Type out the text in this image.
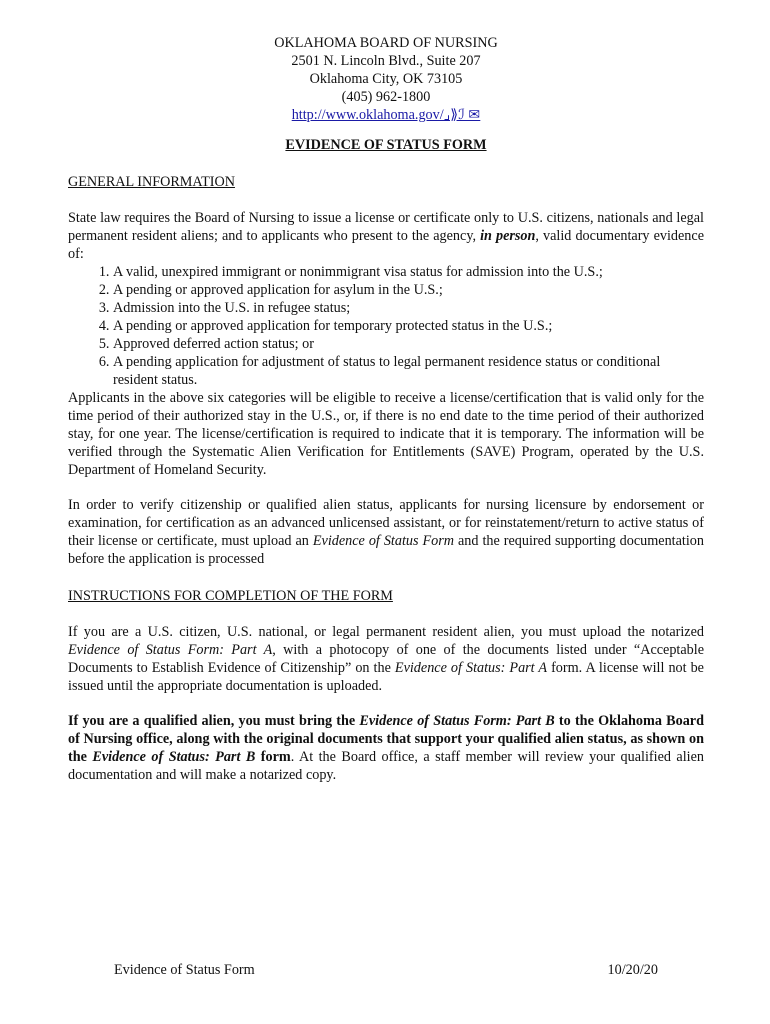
OKLAHOMA BOARD OF NURSING
2501 N. Lincoln Blvd., Suite 207
Oklahoma City, OK 73105
(405) 962-1800
http://www.oklahoma.gov/⌟⟫ℐ ✉
EVIDENCE OF STATUS FORM
GENERAL INFORMATION

State law requires the Board of Nursing to issue a license or certificate only to U.S. citizens, nationals and legal permanent resident aliens; and to applicants who present to the agency, in person, valid documentary evidence of:

1. A valid, unexpired immigrant or nonimmigrant visa status for admission into the U.S.;
2. A pending or approved application for asylum in the U.S.;
3. Admission into the U.S. in refugee status;
4. A pending or approved application for temporary protected status in the U.S.;
5. Approved deferred action status; or
6. A pending application for adjustment of status to legal permanent residence status or conditional resident status.

Applicants in the above six categories will be eligible to receive a license/certification that is valid only for the time period of their authorized stay in the U.S., or, if there is no end date to the time period of their authorized stay, for one year. The license/certification is required to indicate that it is temporary. The information will be verified through the Systematic Alien Verification for Entitlements (SAVE) Program, operated by the U.S. Department of Homeland Security.

In order to verify citizenship or qualified alien status, applicants for nursing licensure by endorsement or examination, for certification as an advanced unlicensed assistant, or for reinstatement/return to active status of their license or certificate, must upload an Evidence of Status Form and the required supporting documentation before the application is processed

INSTRUCTIONS FOR COMPLETION OF THE FORM

If you are a U.S. citizen, U.S. national, or legal permanent resident alien, you must upload the notarized Evidence of Status Form: Part A, with a photocopy of one of the documents listed under “Acceptable Documents to Establish Evidence of Citizenship” on the Evidence of Status: Part A form. A license will not be issued until the appropriate documentation is uploaded.

If you are a qualified alien, you must bring the Evidence of Status Form: Part B to the Oklahoma Board of Nursing office, along with the original documents that support your qualified alien status, as shown on the Evidence of Status: Part B form. At the Board office, a staff member will review your qualified alien documentation and will make a notarized copy.

Evidence of Status Form	10/20/20
